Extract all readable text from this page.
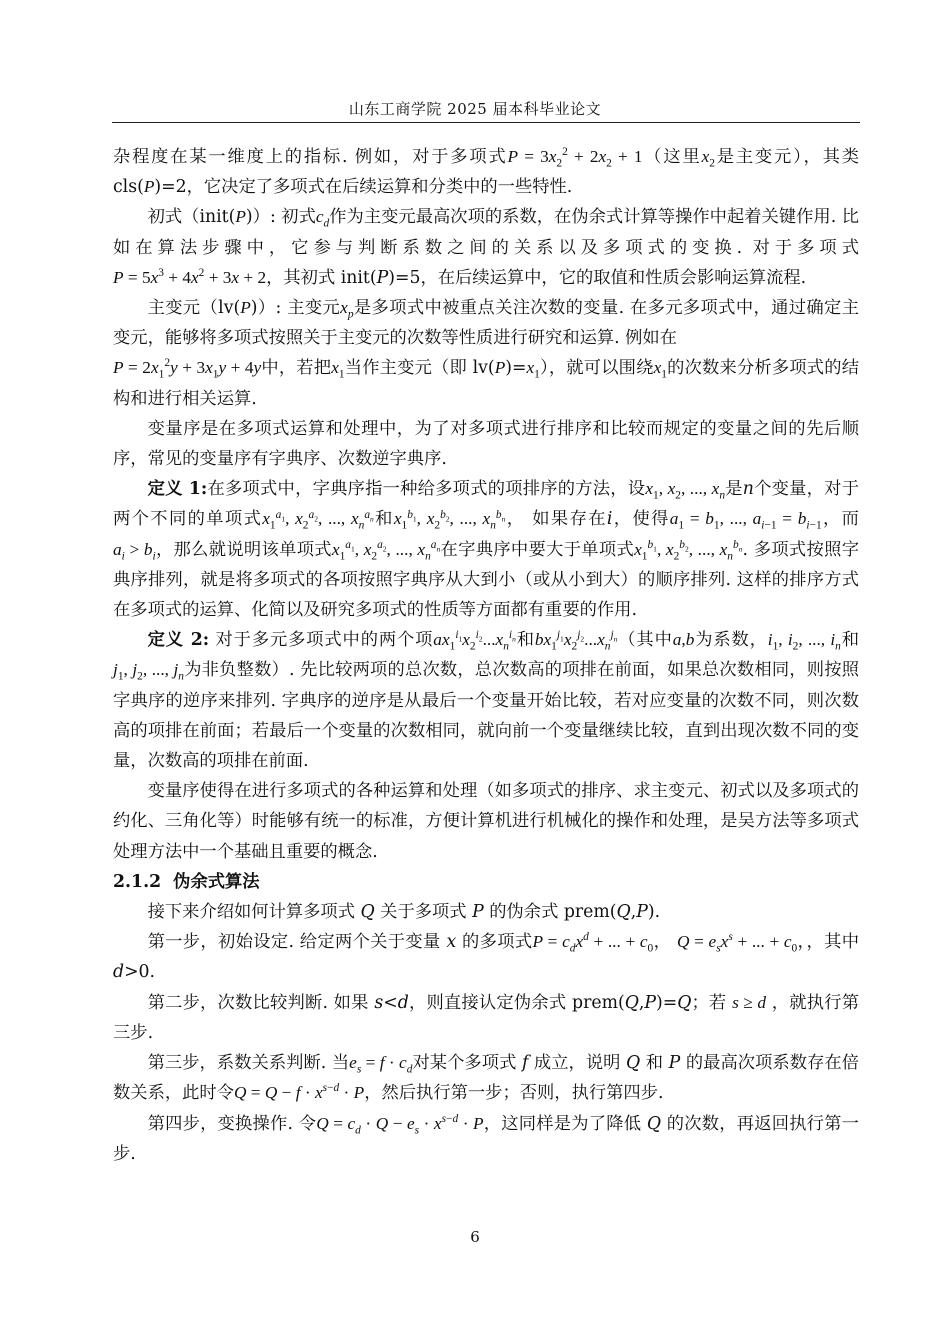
山东工商学院 2025 届本科毕业论文

杂程度在某一维度上的指标. 例如，对于多项式$P = 3x_2^2 + 2x_2 + 1$（这里$x_2$是主变元），其类cls(P)=2，它决定了多项式在后续运算和分类中的一些特性.

初式（init(P)）: 初式$c_d$作为主变元最高次项的系数，在伪余式计算等操作中起着关键作用. 比如在算法步骤中，它参与判断系数之间的关系以及多项式的变换. 对于多项式$P = 5x^3 + 4x^2 + 3x + 2$，其初式 init(P)=5，在后续运算中，它的取值和性质会影响运算流程.

主变元（lv(P)）: 主变元$x_p$是多项式中被重点关注次数的变量. 在多元多项式中，通过确定主变元，能够将多项式按照关于主变元的次数等性质进行研究和运算. 例如在
$P = 2x_1^2y + 3x_1y + 4y$中，若把$x_1$当作主变元（即 $lv(P)=x_1$），就可以围绕$x_1$的次数来分析多项式的结构和进行相关运算.

变量序是在多项式运算和处理中，为了对多项式进行排序和比较而规定的变量之间的先后顺序，常见的变量序有字典序、次数逆字典序.

定义 1:在多项式中，字典序指一种给多项式的项排序的方法，设$x_1$, $x_2$, ..., $x_n$是n个变量，对于两个不同的单项式$x_1^{a_1}$, $x_2^{a_2}$, ..., $x_n^{a_n}$和$x_1^{b_1}$, $x_2^{b_2}$, ..., $x_n^{b_n}$， 如果存在i，使得$a_1 = b_1$, ..., $a_{i-1} = b_{i-1}$，而$a_i > b_i$，那么就说明该单项式$x_1^{a_1}$, $x_2^{a_2}$, ..., $x_n^{a_n}$在字典序中要大于单项式$x_1^{b_1}$, $x_2^{b_2}$, ..., $x_n^{b_n}$. 多项式按照字典序排列，就是将多项式的各项按照字典序从大到小（或从小到大）的顺序排列. 这样的排序方式在多项式的运算、化简以及研究多项式的性质等方面都有重要的作用.

定义 2: 对于多元多项式中的两个项$ax_1^{i_1}x_2^{i_2}...x_n^{i_n}$和$bx_1^{j_1}x_2^{j_2}...x_n^{j_n}$（其中a,b为系数，$i_1$, $i_2$, ..., $i_n$和$j_1$, $j_2$, ..., $j_n$为非负整数）. 先比较两项的总次数，总次数高的项排在前面，如果总次数相同，则按照字典序的逆序来排列. 字典序的逆序是从最后一个变量开始比较，若对应变量的次数不同，则次数高的项排在前面；若最后一个变量的次数相同，就向前一个变量继续比较，直到出现次数不同的变量，次数高的项排在前面.

变量序使得在进行多项式的各种运算和处理（如多项式的排序、求主变元、初式以及多项式的约化、三角化等）时能够有统一的标准，方便计算机进行机械化的操作和处理，是吴方法等多项式处理方法中一个基础且重要的概念.

2.1.2 伪余式算法

接下来介绍如何计算多项式 Q 关于多项式 P 的伪余式 prem(Q,P).

第一步，初始设定. 给定两个关于变量 x 的多项式$P = c_dx^d$ + ... + $c_0$， $Q = e_sx^s$ + ... + $c_0$，，其中d>0.

第二步，次数比较判断. 如果 s<d，则直接认定伪余式 prem(Q,P)=Q；若 s ≥ d ，就执行第三步.

第三步，系数关系判断. 当$e_s = f \cdot c_d$对某个多项式 f 成立，说明 Q 和 P 的最高次项系数存在倍数关系，此时令$Q = Q - f \cdot x^{s-d} \cdot P$，然后执行第一步；否则，执行第四步.

第四步，变换操作. 令$Q = c_d \cdot Q - e_s \cdot x^{s-d} \cdot P$，这同样是为了降低 Q 的次数，再返回执行第一步.

6
